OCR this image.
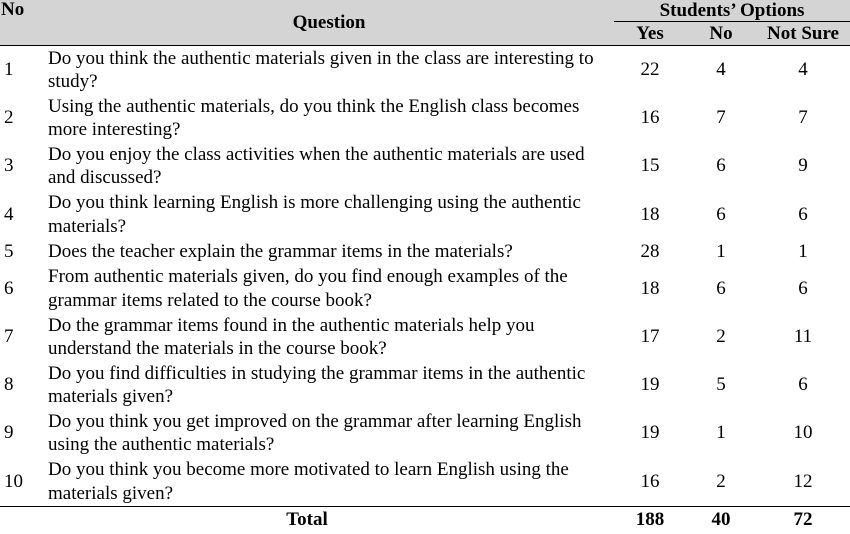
No	Question	Students’ Options		
		Yes	No	Not Sure
1	Do you think the authentic materials given in the class are interesting to study?	22	4	4
2	Using the authentic materials, do you think the English class becomes more interesting?	16	7	7
3	Do you enjoy the class activities when the authentic materials are used and discussed?	15	6	9
4	Do you think learning English is more challenging using the authentic materials?	18	6	6
5	Does the teacher explain the grammar items in the materials?	28	1	1
6	From authentic materials given, do you find enough examples of the grammar items related to the course book?	18	6	6
7	Do the grammar items found in the authentic materials help you understand the materials in the course book?	17	2	11
8	Do you find difficulties in studying the grammar items in the authentic materials given?	19	5	6
9	Do you think you get improved on the grammar after learning English using the authentic materials?	19	1	10
10	Do you think you become more motivated to learn English using the materials given?	16	2	12
Total		188	40	72
